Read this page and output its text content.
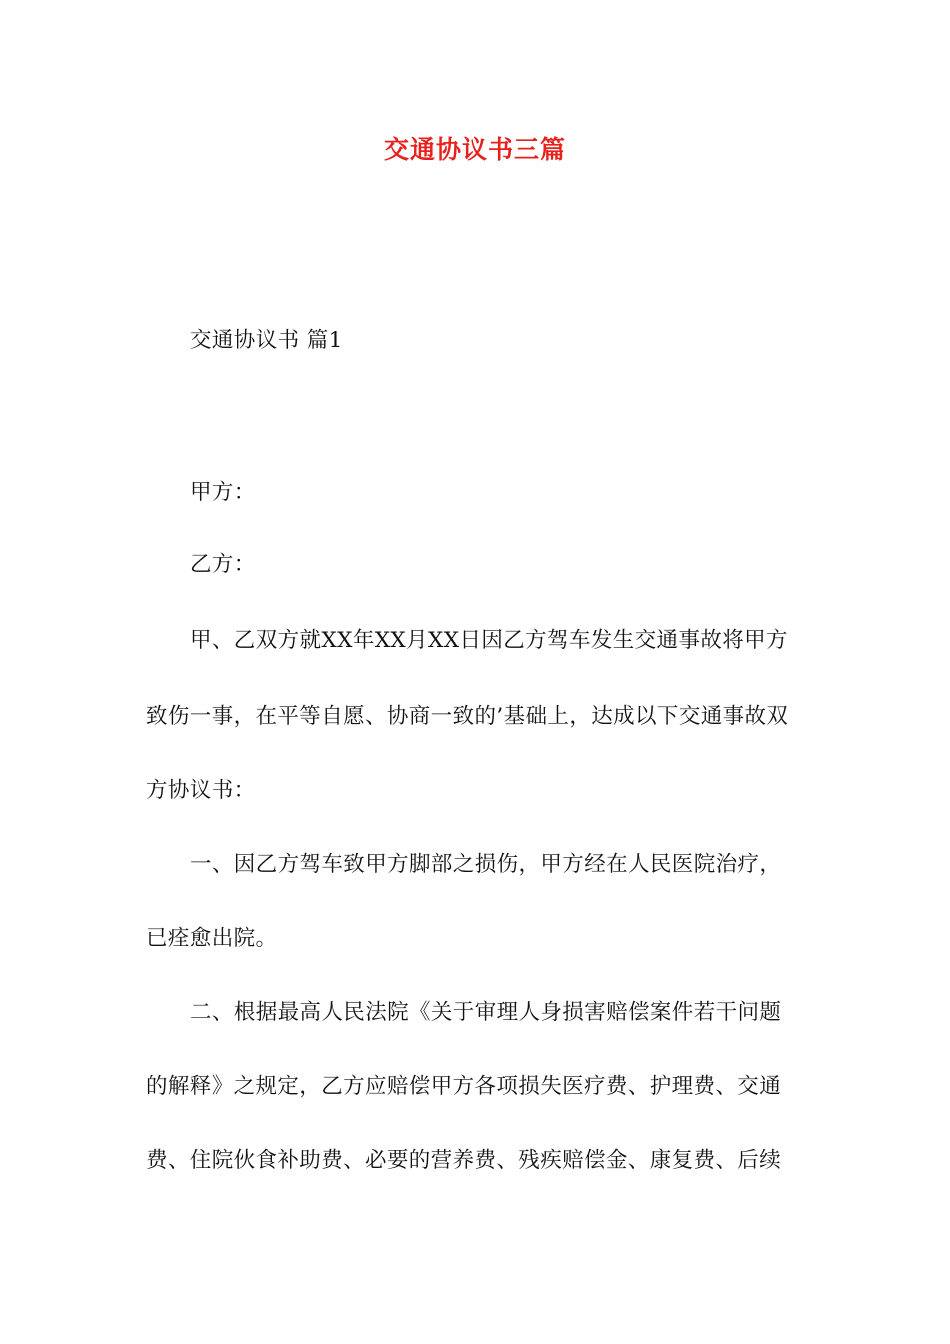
交通协议书三篇
交通协议书 篇1
甲方：
乙方：
甲、乙双方就XX年XX月XX日因乙方驾车发生交通事故将甲方
致伤一事，在平等自愿、协商一致的’基础上，达成以下交通事故双
方协议书：
一、因乙方驾车致甲方脚部之损伤，甲方经在人民医院治疗，
已痊愈出院。
二、根据最高人民法院《关于审理人身损害赔偿案件若干问题
的解释》之规定，乙方应赔偿甲方各项损失医疗费、护理费、交通
费、住院伙食补助费、必要的营养费、残疾赔偿金、康复费、后续
